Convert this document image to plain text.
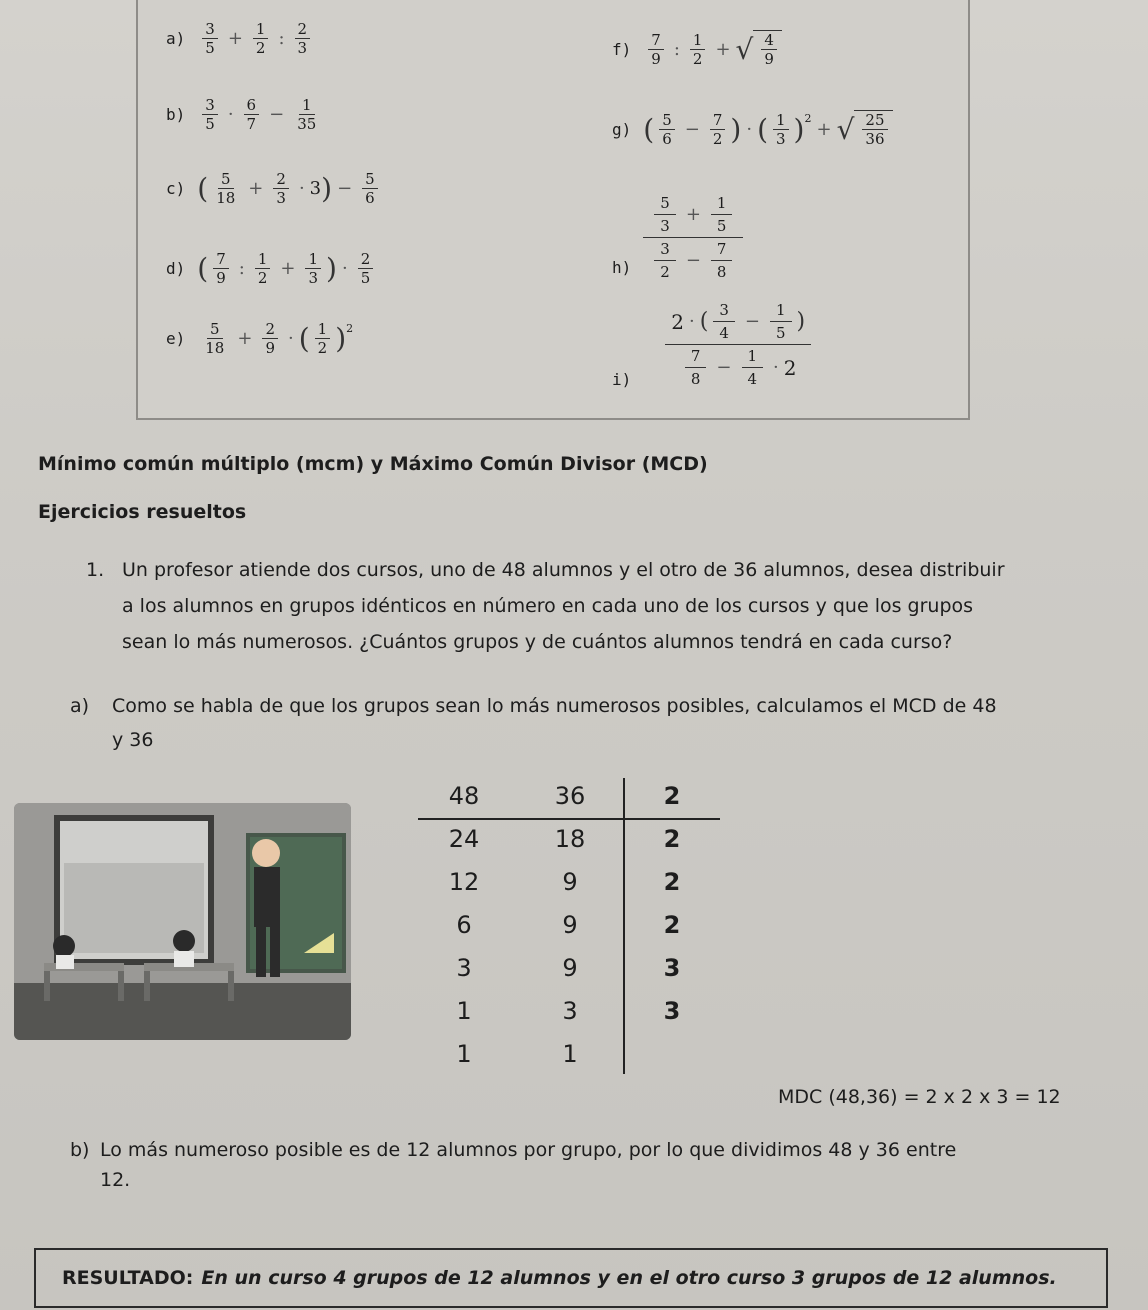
$a) \frac{3}{5} + \frac{1}{2}$ : $\frac{2}{3}$
$b) \frac{3}{5} \cdot \frac{6}{7} - \frac{1}{35}$
c) ( $\frac{5}{18} + \frac{2}{3} \cdot 3$ ) − $\frac{5}{6}$
d) ( $\frac{7}{9}$ : $\frac{1}{2} + \frac{1}{3}$ ) · $\frac{2}{5}$
$e) \frac{5}{18} + \frac{2}{9}$ · ( $\frac{1}{2}$ ) 2
$f) \frac{7}{9}$ : $\frac{1}{2}$ + √ $\frac{4}{9}$
g) ( $\frac{5}{6} - \frac{7}{2}$ ) · ( $\frac{1}{3}$ ) 2 + √ $\frac{25}{36}$
h)
$\frac{5}{3} + \frac{1}{5}$
$\frac{3}{2} - \frac{7}{8}$
i)
2 · ( $\frac{3}{4} - \frac{1}{5}$ )
$\frac{7}{8} - \frac{1}{4} \cdot 2$
Mínimo común múltiplo (mcm) y Máximo Común Divisor (MCD)
Ejercicios resueltos
1. Un profesor atiende dos cursos, uno de 48 alumnos y el otro de 36 alumnos, desea distribuir
a los alumnos en grupos idénticos en número en cada uno de los cursos y que los grupos
sean lo más numerosos. ¿Cuántos grupos y de cuántos alumnos tendrá en cada curso?
a) Como se habla de que los grupos sean lo más numerosos posibles, calculamos el MCD de 48
y 36
48	36	2
24	18	2
12	9	2
6	9	2
3	9	3
1	3	3
1	1
MDC (48,36) = 2 x 2 x 3 = 12
b) Lo más numeroso posible es de 12 alumnos por grupo, por lo que dividimos 48 y 36 entre
12.
RESULTADO: En un curso 4 grupos de 12 alumnos y en el otro curso 3 grupos de 12 alumnos.
